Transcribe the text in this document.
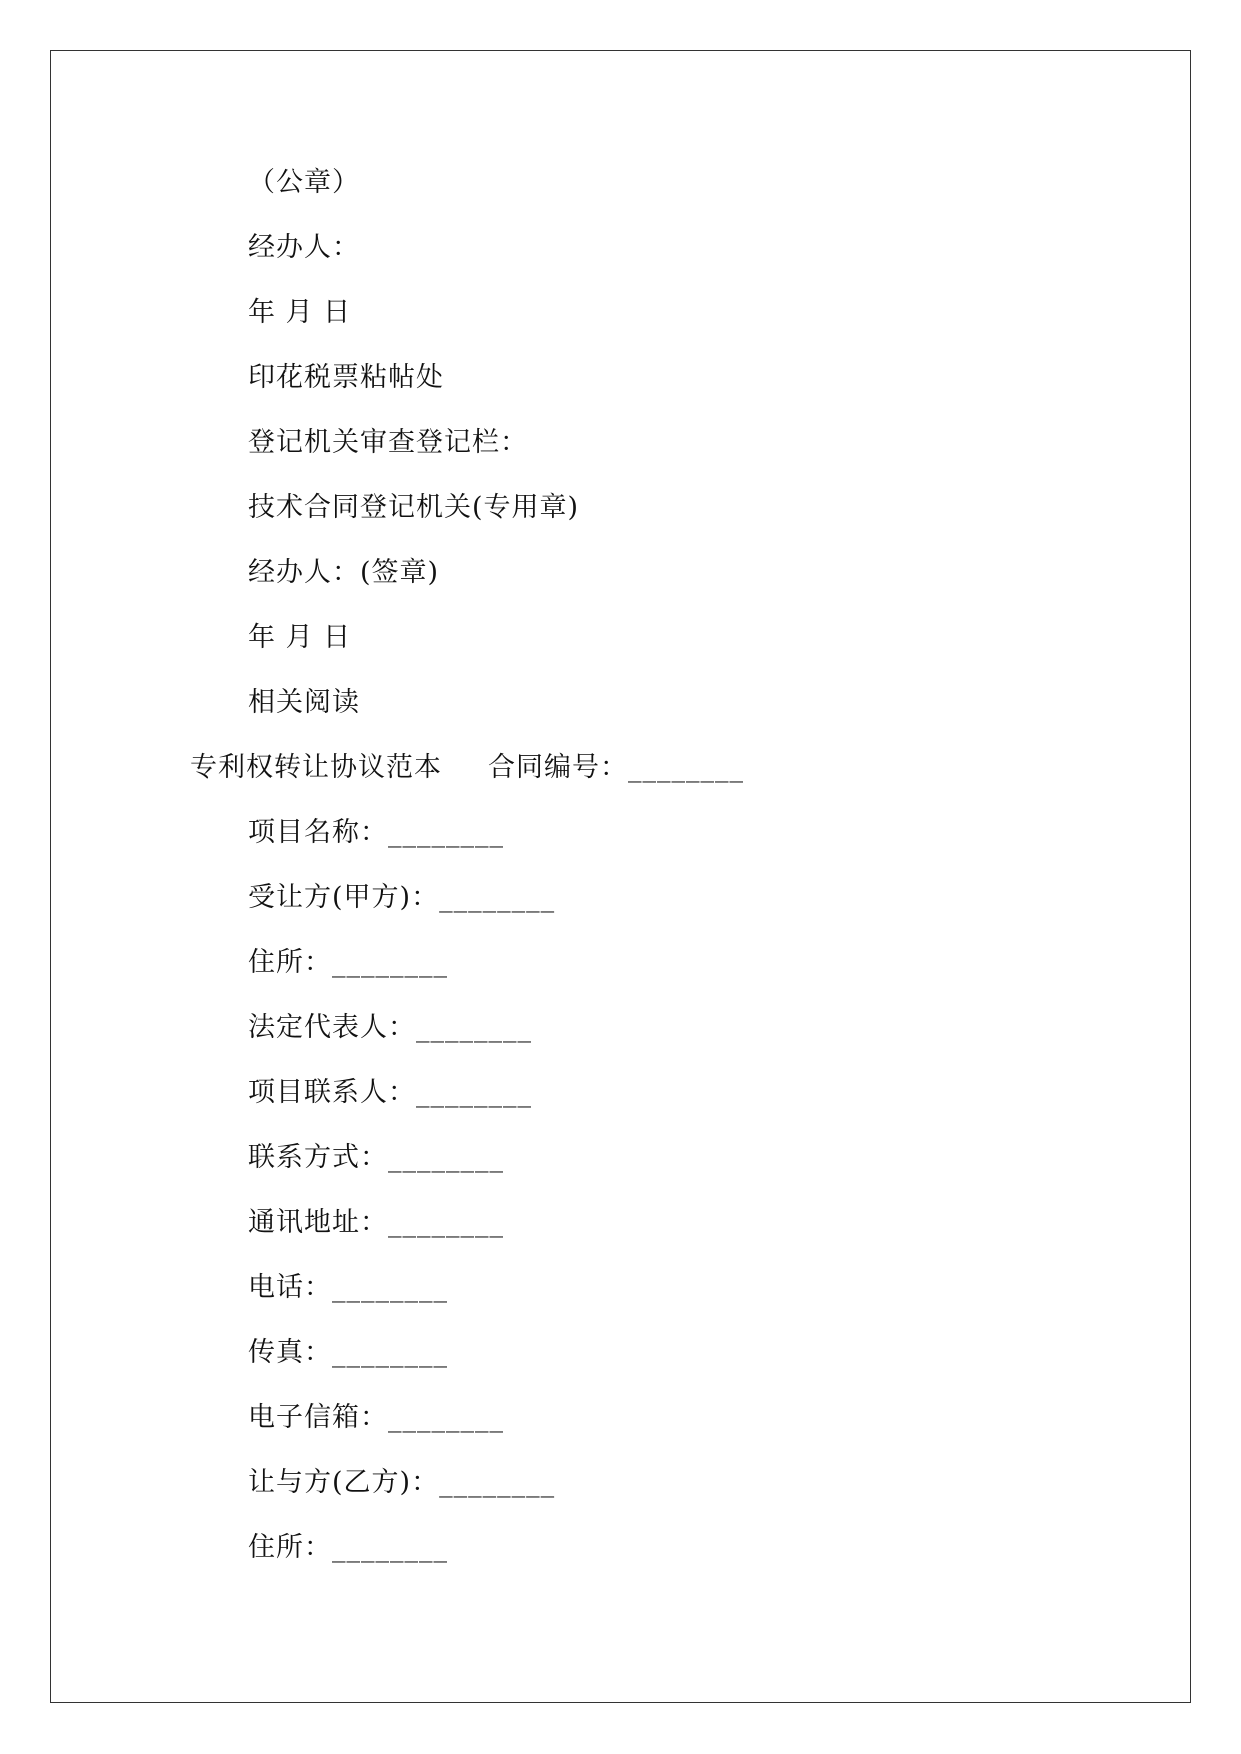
（公章）
经办人：
年 月 日
印花税票粘帖处
登记机关审查登记栏：
技术合同登记机关(专用章)
经办人：(签章)
年 月 日
相关阅读
专利权转让协议范本 合同编号：________
项目名称：________
受让方(甲方)：________
住所：________
法定代表人：________
项目联系人：________
联系方式：________
通讯地址：________
电话：________
传真：________
电子信箱：________
让与方(乙方)：________
住所：________
